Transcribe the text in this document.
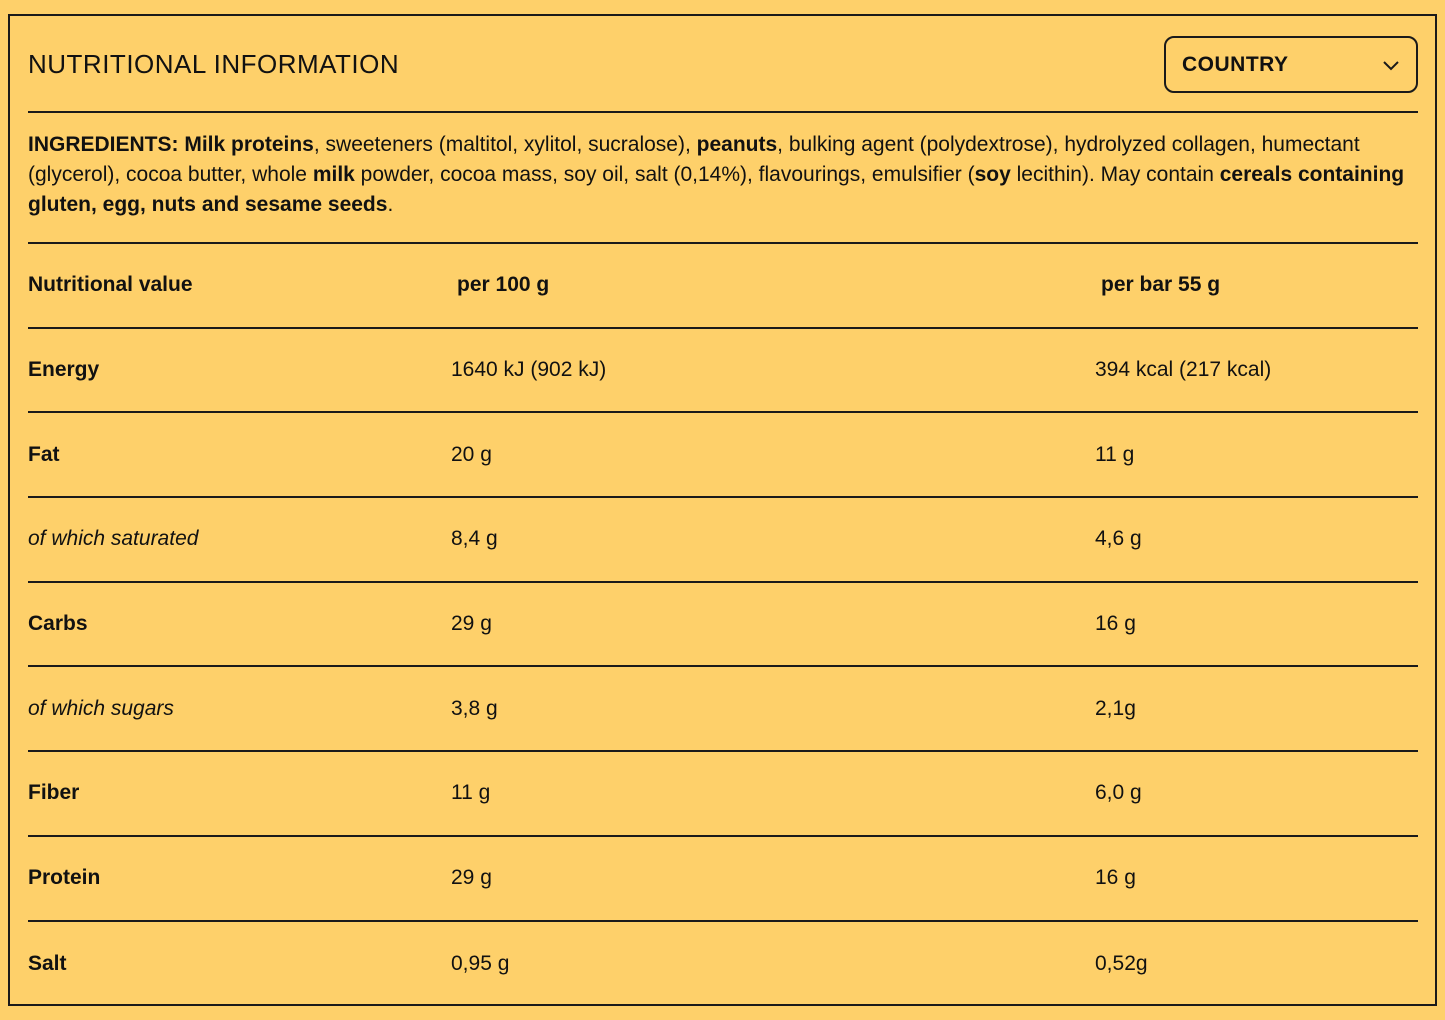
NUTRITIONAL INFORMATION	COUNTRY

INGREDIENTS: Milk proteins, sweeteners (maltitol, xylitol, sucralose), peanuts, bulking agent (polydextrose), hydrolyzed collagen, humectant (glycerol), cocoa butter, whole milk powder, cocoa mass, soy oil, salt (0,14%), flavourings, emulsifier (soy lecithin). May contain cereals containing gluten, egg, nuts and sesame seeds.

Nutritional value	per 100 g	per bar 55 g
Energy	1640 kJ (902 kJ)	394 kcal (217 kcal)
Fat	20 g	11 g
of which saturated	8,4 g	4,6 g
Carbs	29 g	16 g
of which sugars	3,8 g	2,1g
Fiber	11 g	6,0 g
Protein	29 g	16 g
Salt	0,95 g	0,52g
